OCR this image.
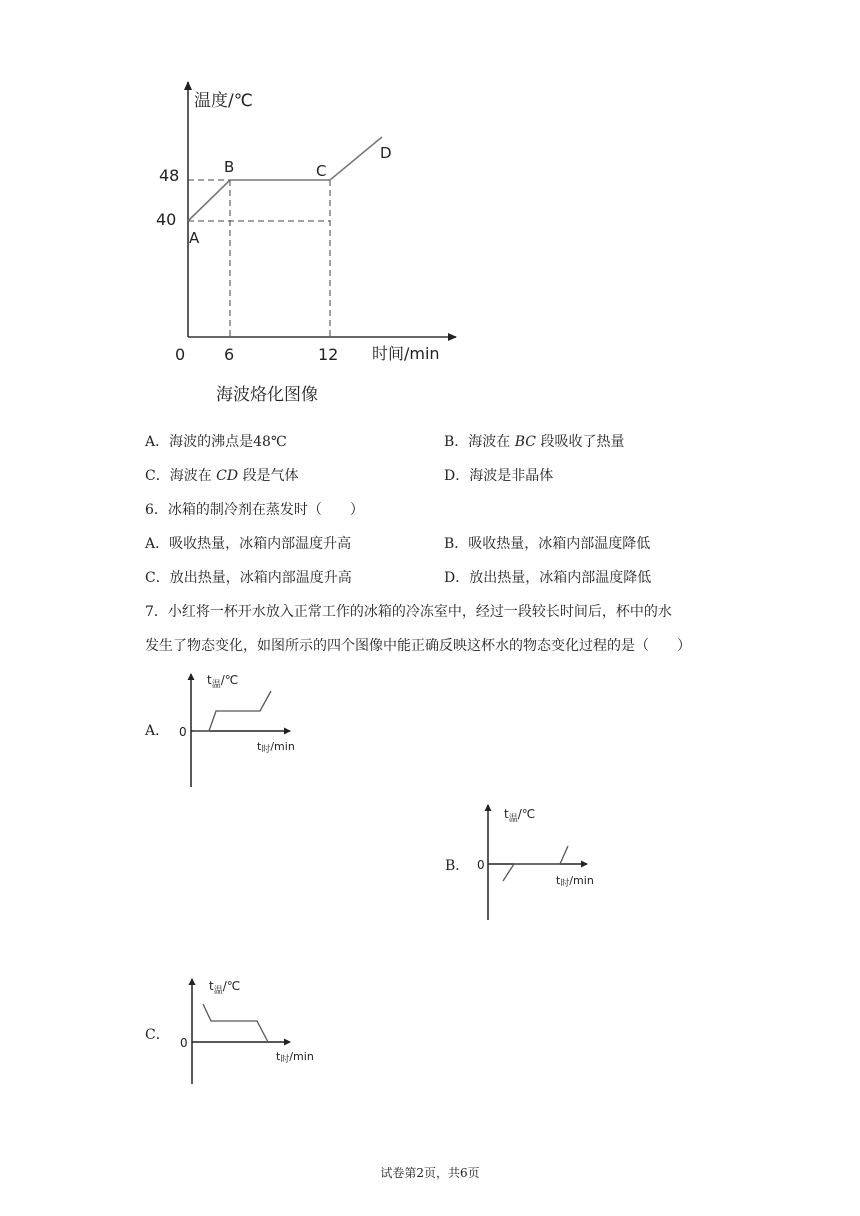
温度/℃
时间/min
48
40
0 6	12
A
B	C
D
海波烙化图像
A．海波的沸点是48℃	B．海波在 BC 段吸收了热量
C．海波在 CD 段是气体	D．海波是非晶体
6．冰箱的制冷剂在蒸发时（　　）
A．吸收热量，冰箱内部温度升高	B．吸收热量，冰箱内部温度降低
C．放出热量，冰箱内部温度升高	D．放出热量，冰箱内部温度降低
7．小红将一杯开水放入正常工作的冰箱的冷冻室中，经过一段较长时间后，杯中的水
发生了物态变化，如图所示的四个图像中能正确反映这杯水的物态变化过程的是（　　）
A． 0
$t_温/℃$
t时/min
B． 0
$t_温/℃$
t时/min
C． 0
$t_温/℃$
t时/min
试卷第2页，共6页
